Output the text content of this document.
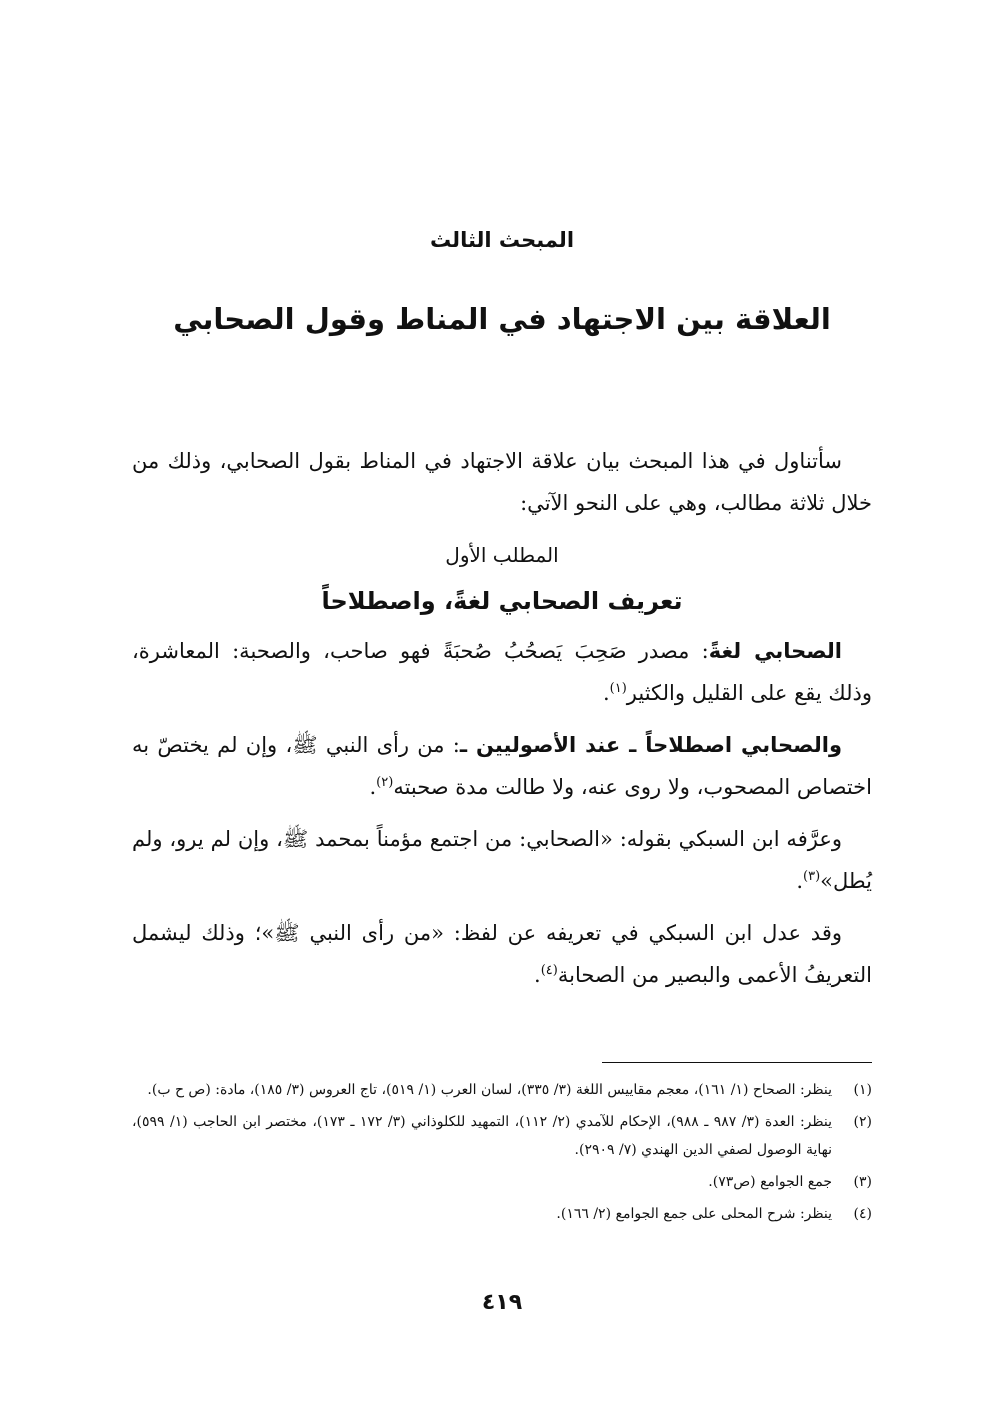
المبحث الثالث
العلاقة بين الاجتهاد في المناط وقول الصحابي

سأتناول في هذا المبحث بيان علاقة الاجتهاد في المناط بقول الصحابي، وذلك من خلال ثلاثة مطالب، وهي على النحو الآتي:

المطلب الأول
تعريف الصحابي لغةً، واصطلاحاً

الصحابي لغةً: مصدر صَحِبَ يَصحُبُ صُحبَةً فهو صاحب، والصحبة: المعاشرة، وذلك يقع على القليل والكثير$^{(١)}$.

والصحابي اصطلاحاً ـ عند الأصوليين ـ: من رأى النبي ﷺ، وإن لم يختصّ به اختصاص المصحوب، ولا روى عنه، ولا طالت مدة صحبته$^{(٢)}$.

وعرَّفه ابن السبكي بقوله: «الصحابي: من اجتمع مؤمناً بمحمد ﷺ، وإن لم يرو، ولم يُطل»$^{(٣)}$.

وقد عدل ابن السبكي في تعريفه عن لفظ: «من رأى النبي ﷺ»؛ وذلك ليشمل التعريفُ الأعمى والبصير من الصحابة$^{(٤)}$.

(١)
ينظر: الصحاح (١/ ١٦١)، معجم مقاييس اللغة (٣/ ٣٣٥)، لسان العرب (١/ ٥١٩)، تاج العروس (٣/ ١٨٥)، مادة: (ص ح ب).
(٢)
ينظر: العدة (٣/ ٩٨٧ ـ ٩٨٨)، الإحكام للآمدي (٢/ ١١٢)، التمهيد للكلوذاني (٣/ ١٧٢ ـ ١٧٣)، مختصر ابن الحاجب (١/ ٥٩٩)، نهاية الوصول لصفي الدين الهندي (٧/ ٢٩٠٩).
(٣)
جمع الجوامع (ص٧٣).
(٤)
ينظر: شرح المحلى على جمع الجوامع (٢/ ١٦٦).
٤١٩
